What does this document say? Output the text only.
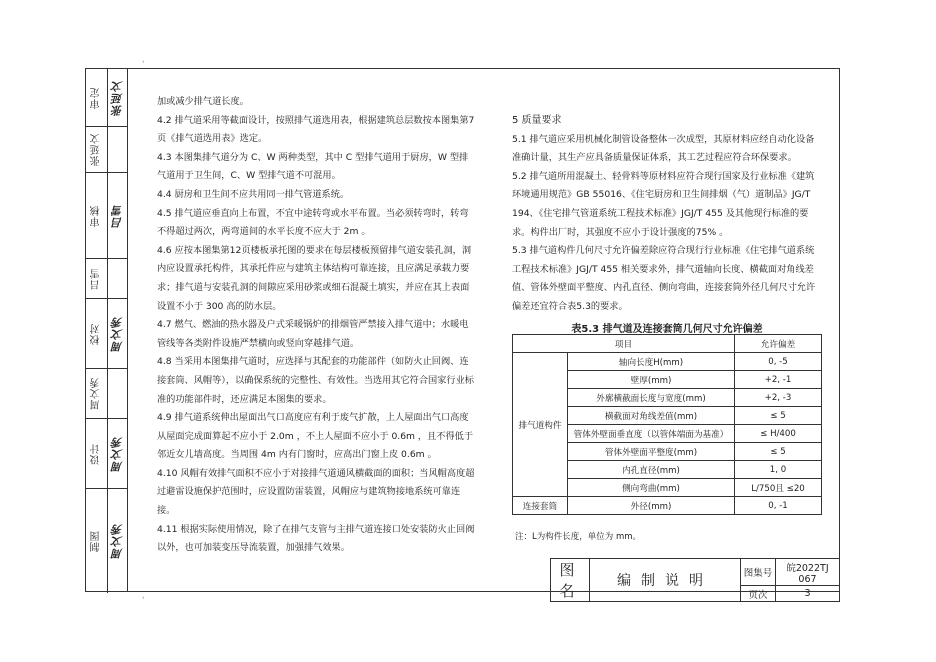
'
'
审定 张延文
张延文
审核 吕雪
吕雪
校对 周文秀
周文秀
设计 周文秀
制图 周文秀

加或减少排气道长度。

4.2 排气道采用等截面设计，按照排气道选用表，根据建筑总层数按本图集第7页《排气道选用表》选定。

4.3 本图集排气道分为 C、W 两种类型，其中 C 型排气道用于厨房，W 型排气道用于卫生间，C、W 型排气道不可混用。

4.4 厨房和卫生间不应共用同一排气管道系统。

4.5 排气道应垂直向上布置，不宜中途转弯或水平布置。当必须转弯时，转弯不得超过两次，两弯道间的水平长度不应大于 2m 。

4.6 应按本图集第12页楼板承托图的要求在每层楼板预留排气道安装孔洞，洞内应设置承托构件，其承托件应与建筑主体结构可靠连接，且应满足承载力要求；排气道与安装孔洞的间隙应采用砂浆或细石混凝土填实，并应在其上表面设置不小于 300 高的防水层。

4.7 燃气、燃油的热水器及户式采暖锅炉的排烟管严禁接入排气道中；水暖电管线等各类附件设施严禁横向或竖向穿越排气道。

4.8 当采用本图集排气道时，应选择与其配套的功能部件（如防火止回阀、连接套筒、风帽等），以确保系统的完整性、有效性。当选用其它符合国家行业标准的功能部件时，还应满足本图集的要求。

4.9 排气道系统伸出屋面出气口高度应有利于废气扩散，上人屋面出气口高度从屋面完成面算起不应小于 2.0m ，不上人屋面不应小于 0.6m ，且不得低于邻近女儿墙高度。当周围 4m 内有门窗时，应高出门窗上皮 0.6m 。

4.10 风帽有效排气面积不应小于对接排气道通风横截面的面积；当风帽高度超过避雷设施保护范围时，应设置防雷装置，风帽应与建筑物接地系统可靠连接。

4.11 根据实际使用情况，除了在排气支管与主排气道连接口处安装防火止回阀以外，也可加装变压导流装置，加强排气效果。

5 质量要求

5.1 排气道应采用机械化制管设备整体一次成型，其原材料应经自动化设备准确计量，其生产应具备质量保证体系，其工艺过程应符合环保要求。

5.2 排气道所用混凝土、轻骨料等原材料应符合现行国家及行业标准《建筑环境通用规范》GB 55016、《住宅厨房和卫生间排烟（气）道制品》JG/T 194、《住宅排气管道系统工程技术标准》JGJ/T 455 及其他现行标准的要求。构件出厂时，其强度不应小于设计强度的75% 。

5.3 排气道构件几何尺寸允许偏差除应符合现行行业标准《住宅排气道系统工程技术标准》JGJ/T 455 相关要求外，排气道轴向长度、横截面对角线差值、管体外壁面平整度、内孔直径、侧向弯曲，连接套筒外径几何尺寸允许偏差还宜符合表5.3的要求。

表5.3 排气道及连接套筒几何尺寸允许偏差
项目		允许偏差
排气道构件	轴向长度H(mm)	0, -5
	壁厚(mm)	+2, -1
	外廓横截面长度与宽度(mm)	+2, -3
	横截面对角线差值(mm)	≤ 5
	管体外壁面垂直度（以管体端面为基准）	≤ H/400
	管体外壁面平整度(mm)	≤ 5
	内孔直径(mm)	1, 0
	侧向弯曲(mm)	L/750且 ≤20
连接套筒	外径(mm)	0, -1
注：L为构件长度，单位为 mm。
图名	编制说明	图集号	皖2022TJ 067
		页次	3
